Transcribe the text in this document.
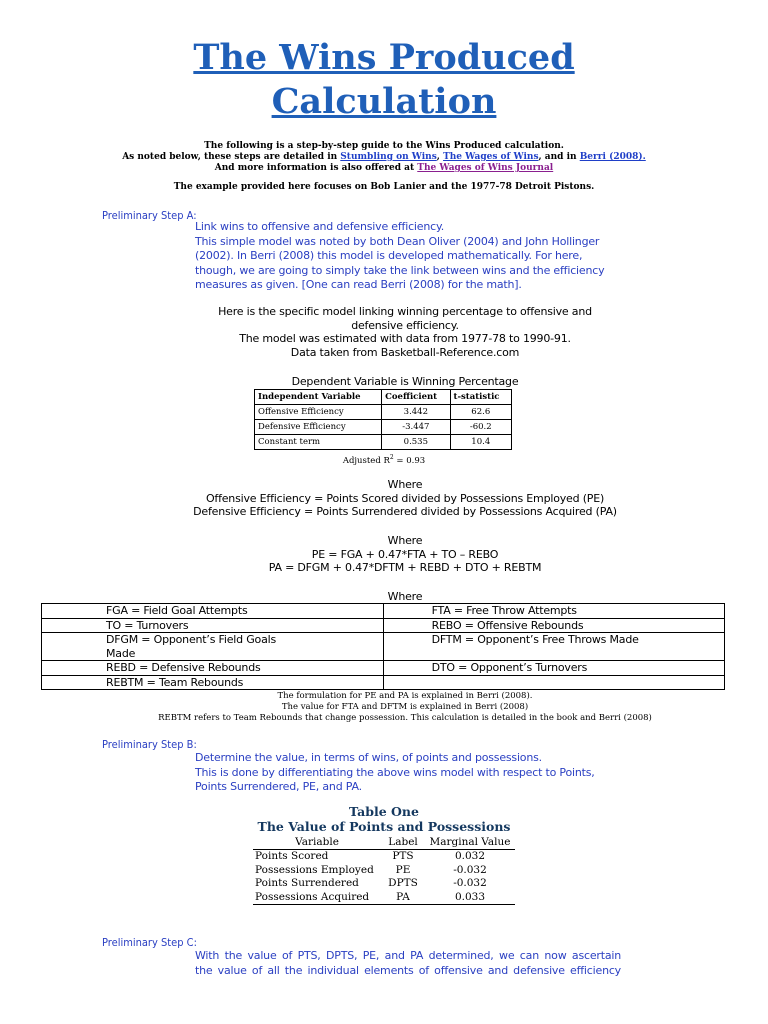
The Wins Produced
Calculation
The following is a step-by-step guide to the Wins Produced calculation.
As noted below, these steps are detailed in Stumbling on Wins, The Wages of Wins, and in Berri (2008).
And more information is also offered at The Wages of Wins Journal
The example provided here focuses on Bob Lanier and the 1977-78 Detroit Pistons.
Preliminary Step A:
Link wins to offensive and defensive efficiency.
This simple model was noted by both Dean Oliver (2004) and John Hollinger
(2002). In Berri (2008) this model is developed mathematically. For here,
though, we are going to simply take the link between wins and the efficiency
measures as given. [One can read Berri (2008) for the math].
Here is the specific model linking winning percentage to offensive and
defensive efficiency.
The model was estimated with data from 1977-78 to 1990-91.
Data taken from Basketball-Reference.com
Dependent Variable is Winning Percentage
Independent Variable	Coefficient	t-statistic
Offensive Efficiency	3.442	62.6
Defensive Efficiency	-3.447	-60.2
Constant term	0.535	10.4
Adjusted $R^2 = 0.93$
Where
Offensive Efficiency = Points Scored divided by Possessions Employed (PE)
Defensive Efficiency = Points Surrendered divided by Possessions Acquired (PA)
Where
PE = FGA + 0.47*FTA + TO – REBO
PA = DFGM + 0.47*DFTM + REBD + DTO + REBTM
Where
FGA = Field Goal Attempts	FTA = Free Throw Attempts
TO = Turnovers	REBO = Offensive Rebounds
DFGM = Opponent’s Field Goals Made	DFTM = Opponent’s Free Throws Made
REBD = Defensive Rebounds	DTO = Opponent’s Turnovers
REBTM = Team Rebounds	
The formulation for PE and PA is explained in Berri (2008).
The value for FTA and DFTM is explained in Berri (2008)
REBTM refers to Team Rebounds that change possession. This calculation is detailed in the book and Berri (2008)
Preliminary Step B:
Determine the value, in terms of wins, of points and possessions.
This is done by differentiating the above wins model with respect to Points,
Points Surrendered, PE, and PA.
Table One
The Value of Points and Possessions
Variable	Label	Marginal Value
Points Scored	PTS	0.032
Possessions Employed	PE	-0.032
Points Surrendered	DPTS	-0.032
Possessions Acquired	PA	0.033
Preliminary Step C:
With the value of PTS, DPTS, PE, and PA determined, we can now ascertain
the value of all the individual elements of offensive and defensive efficiency
